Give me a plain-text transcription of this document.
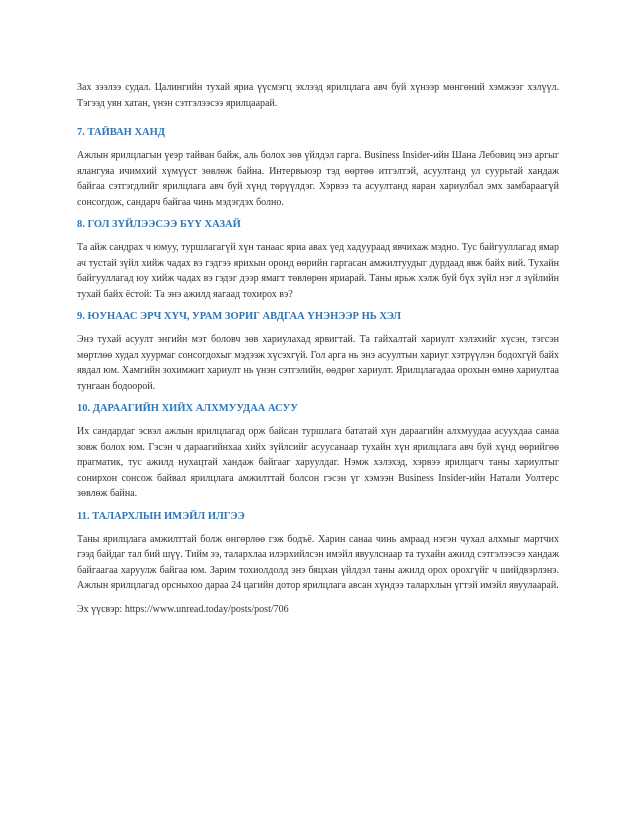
Зах зээлээ судал. Цалингийн тухай яриа үүсмэгц эхлээд ярилцлага авч буй хүнээр мөнгөний хэмжээг хэлүүл. Тэгээд уян хатан, үнэн сэтгэлээсээ ярилцаарай.

7. ТАЙВАН ХАНД

Ажлын ярилцлагын үеэр тайван байж, аль болох зөв үйлдэл гарга. Business Insider-ийн Шана Лебовиц энэ аргыг ялангуяа ичимхий хүмүүст зөвлөж байна. Интервьюэр тэд өөртөө итгэлтэй, асуултанд ул суурьтай хандаж байгаа сэтгэгдлийг ярилцлага авч буй хүнд төрүүлдэг. Хэрвээ та асуултанд яаран хариулбал эмх замбараагүй сонсогдож, сандарч байгаа чинь мэдэгдэх болно.

8. ГОЛ ЗҮЙЛЭЭСЭЭ БҮҮ ХАЗАЙ

Та айж сандрах ч юмуу, туршлагагүй хүн танаас яриа авах үед хадуураад явчихаж мэдно. Тус байгууллагад ямар ач тустай зүйл хийж чадах вэ гэдгээ ярихын оронд өөрийн гаргасан амжилтуудыг дурдаад явж байх вий. Тухайн байгууллагад юу хийж чадах вэ гэдэг дээр ямагт төвлөрөн яриарай. Таны ярьж хэлж буй бүх зүйл нэг л зүйлийн тухай байх ёстой: Та энэ ажилд яагаад тохирох вэ?

9. ЮУНААС ЭРЧ ХҮЧ, УРАМ ЗОРИГ АВДГАА ҮНЭНЭЭР НЬ ХЭЛ

Энэ тухай асуулт энгийн мэт боловч зөв хариулахад ярвигтай. Та гайхалтай хариулт хэлэхийг хүсэн, тэгсэн мөртлөө худал хуурмаг сонсогдохыг мэдээж хүсэхгүй. Гол арга нь энэ асуултын хариуг хэтрүүлэн бодохгүй байх явдал юм. Хамгийн зохимжит хариулт нь үнэн сэтгэлийн, өөдрөг хариулт. Ярилцлагадаа орохын өмнө хариултаа тунгаан бодоорой.

10. ДАРААГИЙН ХИЙХ АЛХМУУДАА АСУУ

Их сандардаг эсвэл ажлын ярилцлагад орж байсан туршлага бататай хүн дараагийн алхмуудаа асуухдаа санаа зовж болох юм. Гэсэн ч дараагийнхаа хийх зүйлсийг асуусанаар тухайн хүн ярилцлага авч буй хүнд өөрийгөө прагматик, тус ажилд нухацтай хандаж байгааг харуулдаг. Нэмж хэлэхэд, хэрвээ ярилцагч таны хариултыг сонирхон сонсож байвал ярилцлага амжилттай болсон гэсэн үг хэмээн Business Insider-ийн Натали Уолтерс зөвлөж байна.

11. ТАЛАРХЛЫН ИМЭЙЛ ИЛГЭЭ

Таны ярилцлага амжилттай болж өнгөрлөө гэж бодъё. Харин санаа чинь амраад нэгэн чухал алхмыг мартчих гээд байдаг тал бий шүү. Тийм ээ, талархлаа илэрхийлсэн имэйл явуулснаар та тухайн ажилд сэтгэлээсээ хандаж байгаагаа харуулж байгаа юм. Зарим тохиолдолд энэ бяцхан үйлдэл таны ажилд орох орохгүйг ч шийдвэрлэнэ. Ажлын ярилцлагад орсныхоо дараа 24 цагийн дотор ярилцлага авсан хүндээ талархлын үгтэй имэйл явуулаарай.

Эх үүсвэр: https://www.unread.today/posts/post/706
